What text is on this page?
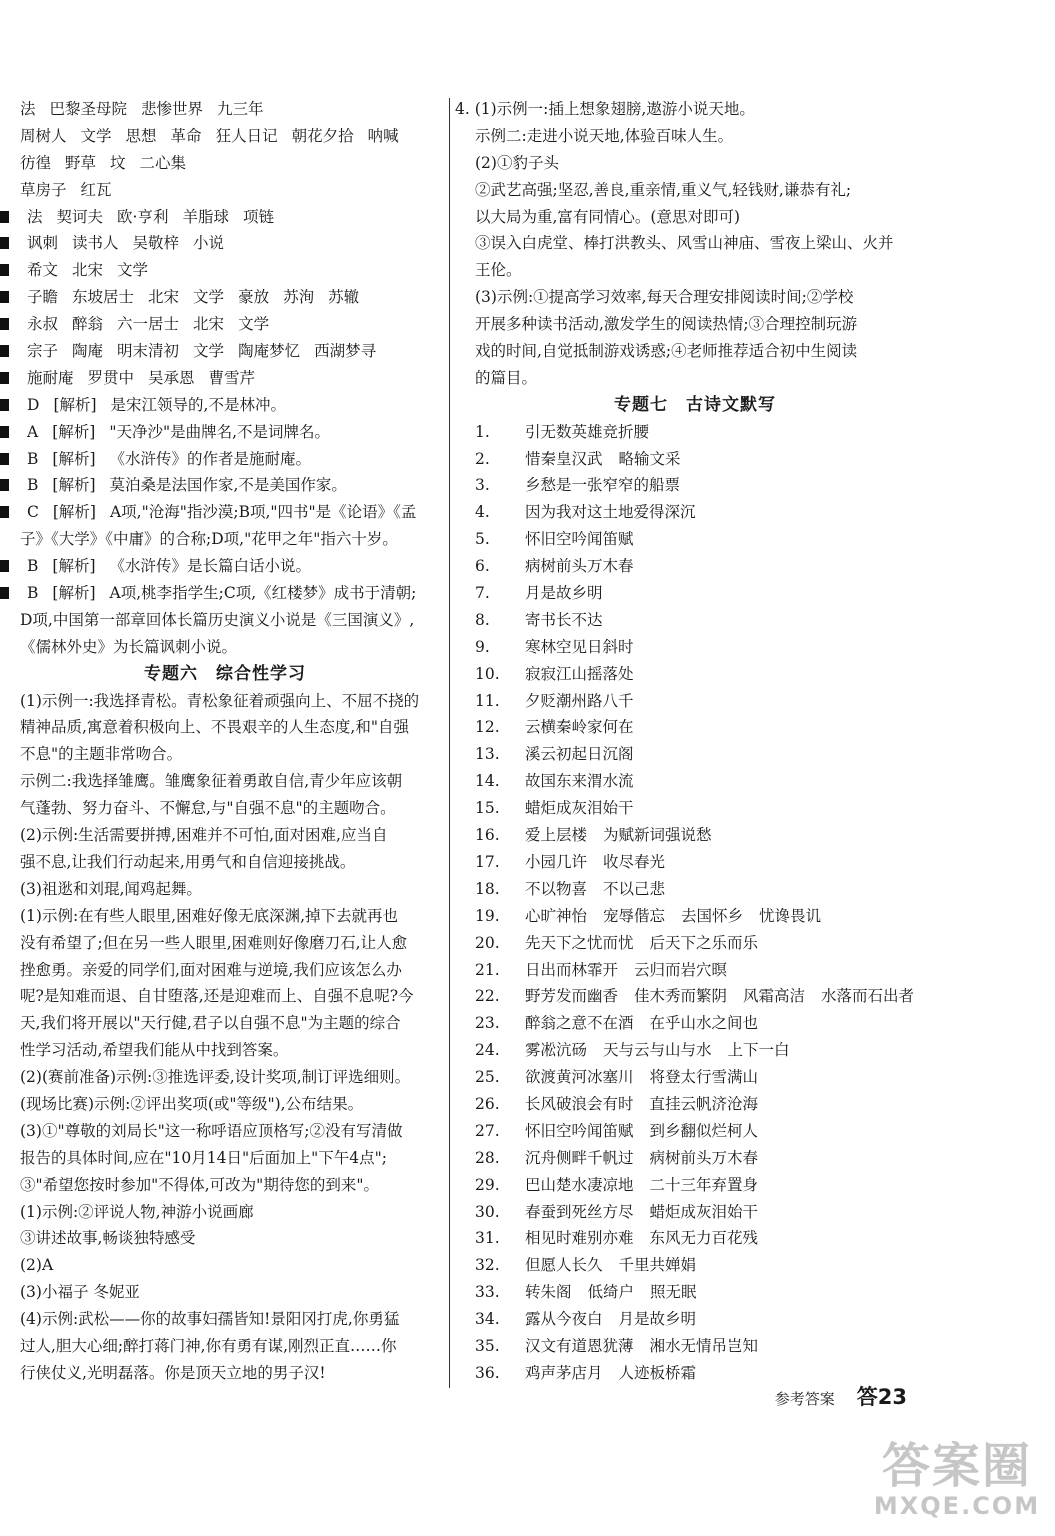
法 巴黎圣母院 悲惨世界 九三年
周树人 文学 思想 革命 狂人日记 朝花夕拾 呐喊
彷徨 野草 坟 二心集
草房子 红瓦
法 契诃夫 欧·亨利 羊脂球 项链
讽刺 读书人 吴敬梓 小说
希文 北宋 文学
子瞻 东坡居士 北宋 文学 豪放 苏洵 苏辙
永叔 醉翁 六一居士 北宋 文学
宗子 陶庵 明末清初 文学 陶庵梦忆 西湖梦寻
施耐庵 罗贯中 吴承恩 曹雪芹
D [解析] 是宋江领导的,不是林冲。
A [解析] "天净沙"是曲牌名,不是词牌名。
B [解析] 《水浒传》的作者是施耐庵。
B [解析] 莫泊桑是法国作家,不是美国作家。
C [解析] A项,"沧海"指沙漠;B项,"四书"是《论语》《孟
子》《大学》《中庸》的合称;D项,"花甲之年"指六十岁。
B [解析] 《水浒传》是长篇白话小说。
B [解析] A项,桃李指学生;C项,《红楼梦》成书于清朝;
D项,中国第一部章回体长篇历史演义小说是《三国演义》,
《儒林外史》为长篇讽刺小说。
专题六 综合性学习
(1)示例一:我选择青松。青松象征着顽强向上、不屈不挠的
精神品质,寓意着积极向上、不畏艰辛的人生态度,和"自强
不息"的主题非常吻合。
示例二:我选择雏鹰。雏鹰象征着勇敢自信,青少年应该朝
气蓬勃、努力奋斗、不懈怠,与"自强不息"的主题吻合。
(2)示例:生活需要拼搏,困难并不可怕,面对困难,应当自
强不息,让我们行动起来,用勇气和自信迎接挑战。
(3)祖逖和刘琨,闻鸡起舞。
(1)示例:在有些人眼里,困难好像无底深渊,掉下去就再也
没有希望了;但在另一些人眼里,困难则好像磨刀石,让人愈
挫愈勇。亲爱的同学们,面对困难与逆境,我们应该怎么办
呢?是知难而退、自甘堕落,还是迎难而上、自强不息呢?今
天,我们将开展以"天行健,君子以自强不息"为主题的综合
性学习活动,希望我们能从中找到答案。
(2)(赛前准备)示例:③推选评委,设计奖项,制订评选细则。
(现场比赛)示例:②评出奖项(或"等级"),公布结果。
(3)①"尊敬的刘局长"这一称呼语应顶格写;②没有写清做
报告的具体时间,应在"10月14日"后面加上"下午4点";
③"希望您按时参加"不得体,可改为"期待您的到来"。
(1)示例:②评说人物,神游小说画廊
③讲述故事,畅谈独特感受
(2)A
(3)小福子 冬妮亚
(4)示例:武松——你的故事妇孺皆知!景阳冈打虎,你勇猛
过人,胆大心细;醉打蒋门神,你有勇有谋,刚烈正直……你
行侠仗义,光明磊落。你是顶天立地的男子汉!
4. (1)示例一:插上想象翅膀,遨游小说天地。
示例二:走进小说天地,体验百味人生。
(2)①豹子头
②武艺高强;坚忍,善良,重亲情,重义气,轻钱财,谦恭有礼;
以大局为重,富有同情心。(意思对即可)
③误入白虎堂、棒打洪教头、风雪山神庙、雪夜上梁山、火并
王伦。
(3)示例:①提高学习效率,每天合理安排阅读时间;②学校
开展多种读书活动,激发学生的阅读热情;③合理控制玩游
戏的时间,自觉抵制游戏诱惑;④老师推荐适合初中生阅读
的篇目。
专题七 古诗文默写
1. 引无数英雄竞折腰
2. 惜秦皇汉武 略输文采
3. 乡愁是一张窄窄的船票
4. 因为我对这土地爱得深沉
5. 怀旧空吟闻笛赋
6. 病树前头万木春
7. 月是故乡明
8. 寄书长不达
9. 寒林空见日斜时
10. 寂寂江山摇落处
11. 夕贬潮州路八千
12. 云横秦岭家何在
13. 溪云初起日沉阁
14. 故国东来渭水流
15. 蜡炬成灰泪始干
16. 爱上层楼 为赋新词强说愁
17. 小园几许 收尽春光
18. 不以物喜 不以己悲
19. 心旷神怡 宠辱偕忘 去国怀乡 忧谗畏讥
20. 先天下之忧而忧 后天下之乐而乐
21. 日出而林霏开 云归而岩穴暝
22. 野芳发而幽香 佳木秀而繁阴 风霜高洁 水落而石出者
23. 醉翁之意不在酒 在乎山水之间也
24. 雾凇沆砀 天与云与山与水 上下一白
25. 欲渡黄河冰塞川 将登太行雪满山
26. 长风破浪会有时 直挂云帆济沧海
27. 怀旧空吟闻笛赋 到乡翻似烂柯人
28. 沉舟侧畔千帆过 病树前头万木春
29. 巴山楚水凄凉地 二十三年弃置身
30. 春蚕到死丝方尽 蜡炬成灰泪始干
31. 相见时难别亦难 东风无力百花残
32. 但愿人长久 千里共婵娟
33. 转朱阁 低绮户 照无眠
34. 露从今夜白 月是故乡明
35. 汉文有道恩犹薄 湘水无情吊岂知
36. 鸡声茅店月 人迹板桥霜
参考答案 答23
答案圈
MXQE.COM
